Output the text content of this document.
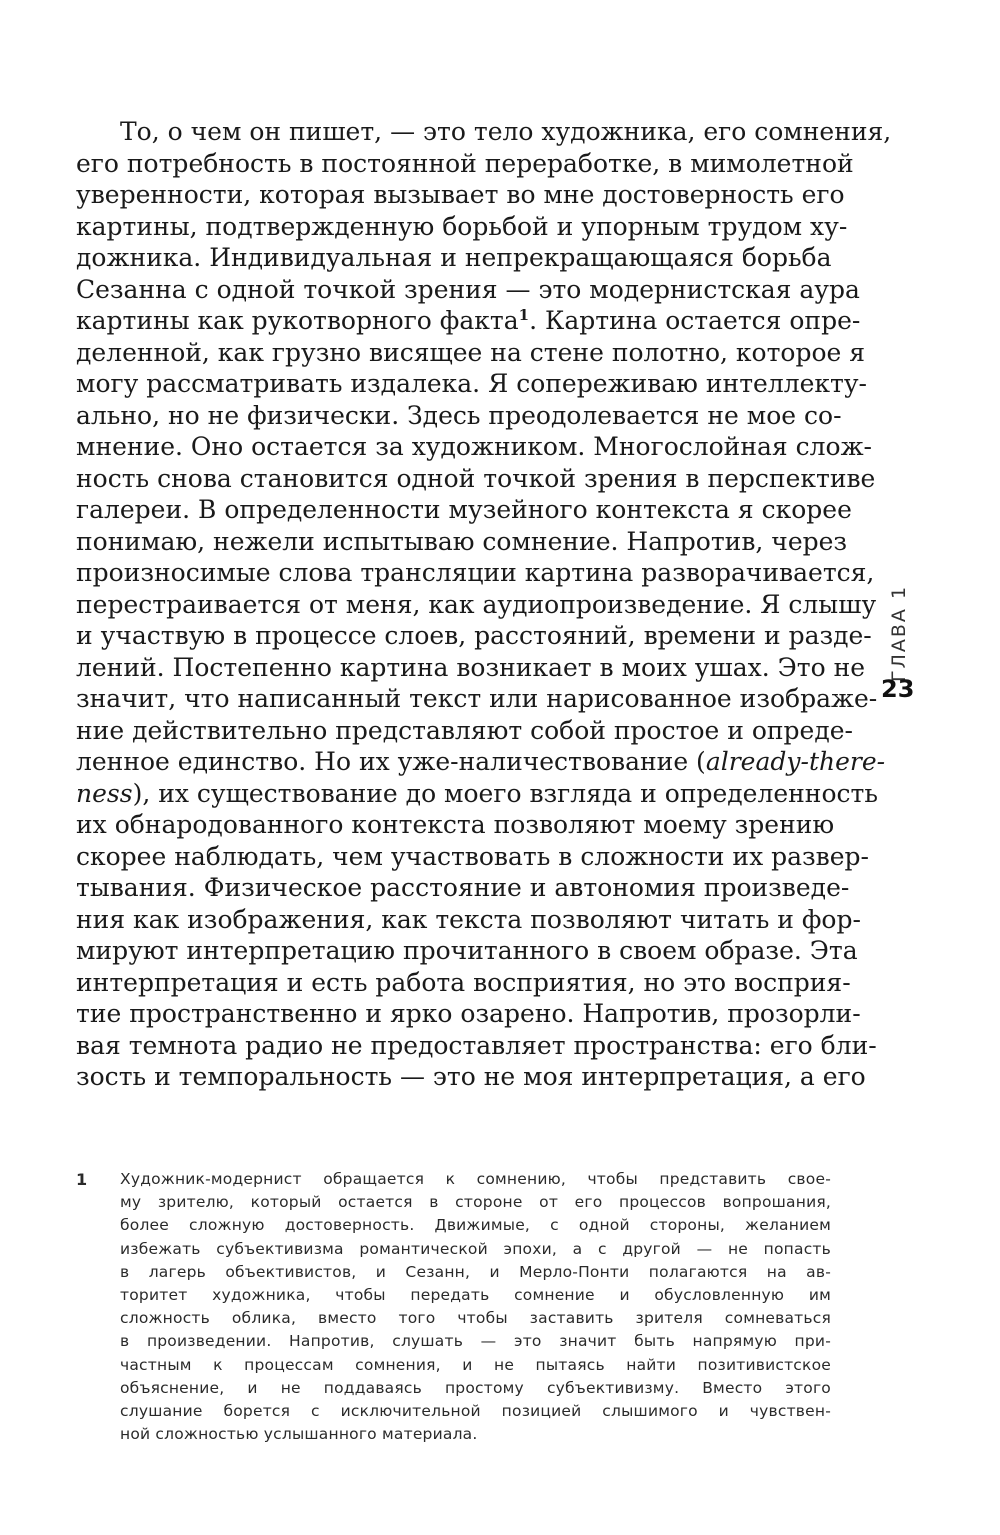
То, о чем он пишет, — это тело художника, его сомнения,
его потребность в постоянной переработке, в мимолетной
уверенности, которая вызывает во мне достоверность его
картины, подтвержденную борьбой и упорным трудом ху-
дожника. Индивидуальная и непрекращающаяся борьба
Сезанна с одной точкой зрения — это модернистская аура
картины как рукотворного факта$^1$. Картина остается опре-
деленной, как грузно висящее на стене полотно, которое я
могу рассматривать издалека. Я сопереживаю интеллекту-
ально, но не физически. Здесь преодолевается не мое со-
мнение. Оно остается за художником. Многослойная слож-
ность снова становится одной точкой зрения в перспективе
галереи. В определенности музейного контекста я скорее
понимаю, нежели испытываю сомнение. Напротив, через
произносимые слова трансляции картина разворачивается,
перестраивается от меня, как аудиопроизведение. Я слышу
и участвую в процессе слоев, расстояний, времени и разде-
лений. Постепенно картина возникает в моих ушах. Это не
значит, что написанный текст или нарисованное изображе-
ние действительно представляют собой простое и опреде-
ленное единство. Но их уже-наличествование (already-there-
ness), их существование до моего взгляда и определенность
их обнародованного контекста позволяют моему зрению
скорее наблюдать, чем участвовать в сложности их развер-
тывания. Физическое расстояние и автономия произведе-
ния как изображения, как текста позволяют читать и фор-
мируют интерпретацию прочитанного в своем образе. Эта
интерпретация и есть работа восприятия, но это восприя-
тие пространственно и ярко озарено. Напротив, прозорли-
вая темнота радио не предоставляет пространства: его бли-
зость и темпоральность — это не моя интерпретация, а его
ГЛАВА 1
23
1 Художник-модернист обращается к сомнению, чтобы представить свое-
му зрителю, который остается в стороне от его процессов вопрошания,
более сложную достоверность. Движимые, с одной стороны, желанием
избежать субъективизма романтической эпохи, а с другой — не попасть
в лагерь объективистов, и Сезанн, и Мерло-Понти полагаются на ав-
торитет художника, чтобы передать сомнение и обусловленную им
сложность облика, вместо того чтобы заставить зрителя сомневаться
в произведении. Напротив, слушать — это значит быть напрямую при-
частным к процессам сомнения, и не пытаясь найти позитивистское
объяснение, и не поддаваясь простому субъективизму. Вместо этого
слушание борется с исключительной позицией слышимого и чувствен-
ной сложностью услышанного материала.
